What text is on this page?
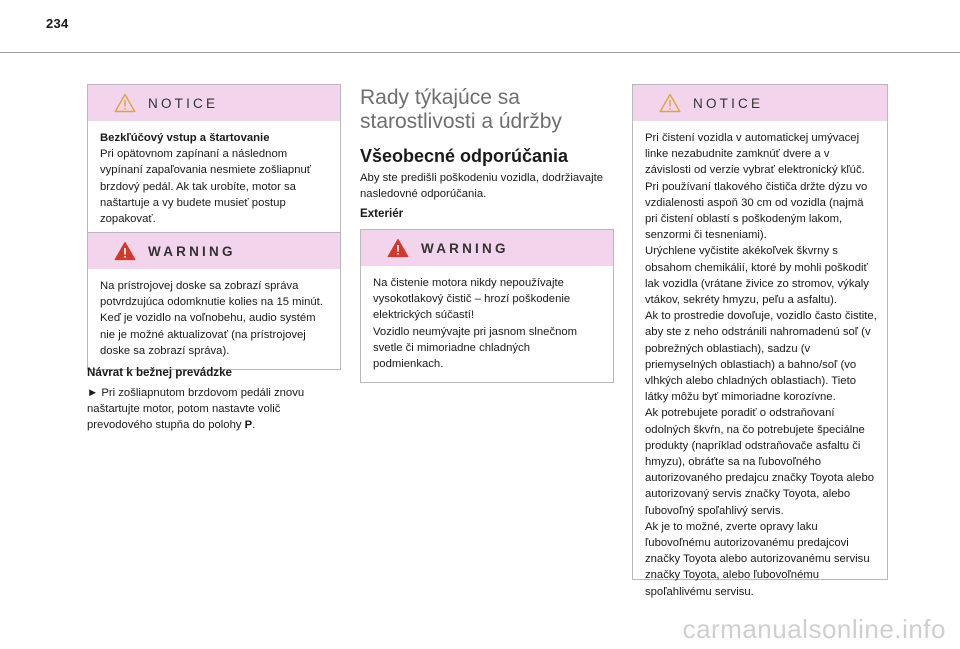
234
NOTICE

Bezkľúčový vstup a štartovanie

Pri opätovnom zapínaní a následnom vypínaní zapaľovania nesmiete zošliapnuť brzdový pedál. Ak tak urobíte, motor sa naštartuje a vy budete musieť postup zopakovať.

WARNING

Na prístrojovej doske sa zobrazí správa potvrdzujúca odomknutie kolies na 15 minút. Keď je vozidlo na voľnobehu, audio systém nie je možné aktualizovať (na prístrojovej doske sa zobrazí správa).

Návrat k bežnej prevádzke
► Pri zošliapnutom brzdovom pedáli znovu naštartujte motor, potom nastavte volič prevodového stupňa do polohy P.
Rady týkajúce sa starostlivosti a údržby
Všeobecné odporúčania
Aby ste predišli poškodeniu vozidla, dodržiavajte nasledovné odporúčania.
Exteriér
WARNING

Na čistenie motora nikdy nepoužívajte vysokotlakový čistič – hrozí poškodenie elektrických súčastí!

Vozidlo neumývajte pri jasnom slnečnom svetle či mimoriadne chladných podmienkach.

NOTICE

Pri čistení vozidla v automatickej umývacej linke nezabudnite zamknúť dvere a v závislosti od verzie vybrať elektronický kľúč.

Pri používaní tlakového čističa držte dýzu vo vzdialenosti aspoň 30 cm od vozidla (najmä pri čistení oblastí s poškodeným lakom, senzormi či tesneniami).

Urýchlene vyčistite akékoľvek škvrny s obsahom chemikálií, ktoré by mohli poškodiť lak vozidla (vrátane živice zo stromov, výkaly vtákov, sekréty hmyzu, peľu a asfaltu).

Ak to prostredie dovoľuje, vozidlo často čistite, aby ste z neho odstránili nahromadenú soľ (v pobrežných oblastiach), sadzu (v priemyselných oblastiach) a bahno/soľ (vo vlhkých alebo chladných oblastiach). Tieto látky môžu byť mimoriadne korozívne.

Ak potrebujete poradiť o odstraňovaní odolných škvŕn, na čo potrebujete špeciálne produkty (napríklad odstraňovače asfaltu či hmyzu), obráťte sa na ľubovoľného autorizovaného predajcu značky Toyota alebo autorizovaný servis značky Toyota, alebo ľubovoľný spoľahlivý servis.

Ak je to možné, zverte opravy laku ľubovoľnému autorizovanému predajcovi značky Toyota alebo autorizovanému servisu značky Toyota, alebo ľubovoľnému spoľahlivému servisu.

carmanualsonline.info
